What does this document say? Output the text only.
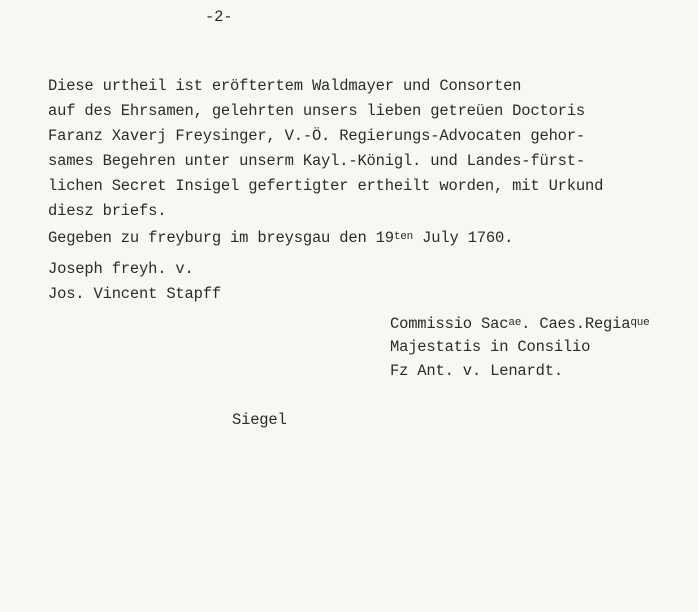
-2-
Diese urtheil ist eröftertem Waldmayer und Consorten
auf des Ehrsamen, gelehrten unsers lieben getreüen Doctoris
Faranz Xaverj Freysinger, V.-Ö. Regierungs-Advocaten gehor-
sames Begehren unter unserm Kayl.-Königl. und Landes-fürst-
lichen Secret Insigel gefertigter ertheilt worden, mit Urkund
diesz briefs.
Gegeben zu freyburg im breysgau den $19^{ten}$ July 1760.
Joseph freyh. v.
Jos. Vincent Stapff
Commissio Sac$^{ae}$. Caes.Regia$^{que}$
Majestatis in Consilio
Fz Ant. v. Lenardt.
Siegel
